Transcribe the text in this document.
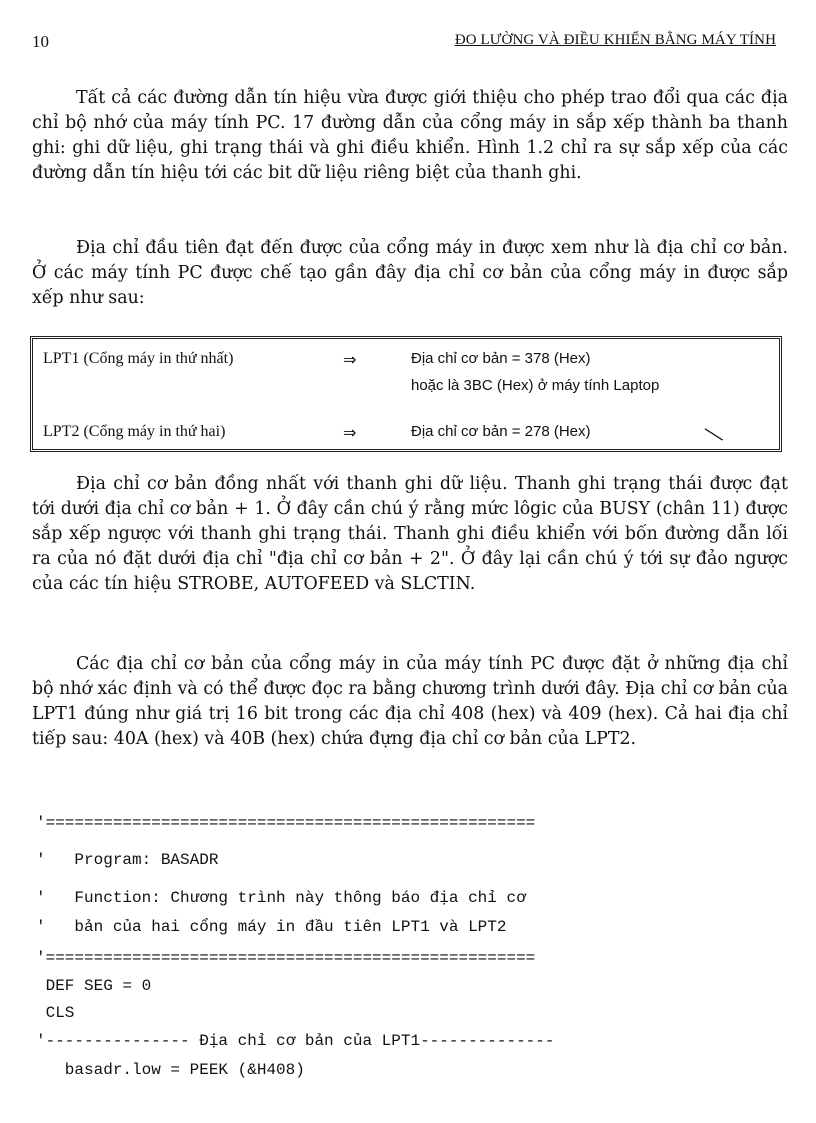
10	ĐO LƯỜNG VÀ ĐIỀU KHIỂN BẰNG MÁY TÍNH

Tất cả các đường dẫn tín hiệu vừa được giới thiệu cho phép trao đổi qua các địa chỉ bộ nhớ của máy tính PC. 17 đường dẫn của cổng máy in sắp xếp thành ba thanh ghi: ghi dữ liệu, ghi trạng thái và ghi điều khiển. Hình 1.2 chỉ ra sự sắp xếp của các đường dẫn tín hiệu tới các bit dữ liệu riêng biệt của thanh ghi.

Địa chỉ đầu tiên đạt đến được của cổng máy in được xem như là địa chỉ cơ bản. Ở các máy tính PC được chế tạo gần đây địa chỉ cơ bản của cổng máy in được sắp xếp như sau:

LPT1 (Cổng máy in thứ nhất)	⇒	Địa chỉ cơ bản = 378 (Hex)
hoặc là 3BC (Hex) ở máy tính Laptop
LPT2 (Cổng máy in thứ hai)	⇒	Địa chỉ cơ bản = 278 (Hex)	╲

Địa chỉ cơ bản đồng nhất với thanh ghi dữ liệu. Thanh ghi trạng thái được đạt tới dưới địa chỉ cơ bản + 1. Ở đây cần chú ý rằng mức lôgic của BUSY (chân 11) được sắp xếp ngược với thanh ghi trạng thái. Thanh ghi điều khiển với bốn đường dẫn lối ra của nó đặt dưới địa chỉ "địa chỉ cơ bản + 2". Ở đây lại cần chú ý tới sự đảo ngược của các tín hiệu STROBE, AUTOFEED và SLCTIN.

Các địa chỉ cơ bản của cổng máy in của máy tính PC được đặt ở những địa chỉ bộ nhớ xác định và có thể được đọc ra bằng chương trình dưới đây. Địa chỉ cơ bản của LPT1 đúng như giá trị 16 bit trong các địa chỉ 408 (hex) và 409 (hex). Cả hai địa chỉ tiếp sau: 40A (hex) và 40B (hex) chứa đựng địa chỉ cơ bản của LPT2.

'===================================================

'   Program: BASADR

'   Function: Chương trình này thông báo địa chỉ cơ

'   bản của hai cổng máy in đầu tiên LPT1 và LPT2

'===================================================

DEF SEG = 0

CLS

'--------------- Địa chỉ cơ bản của LPT1--------------

basadr.low = PEEK (&H408)
